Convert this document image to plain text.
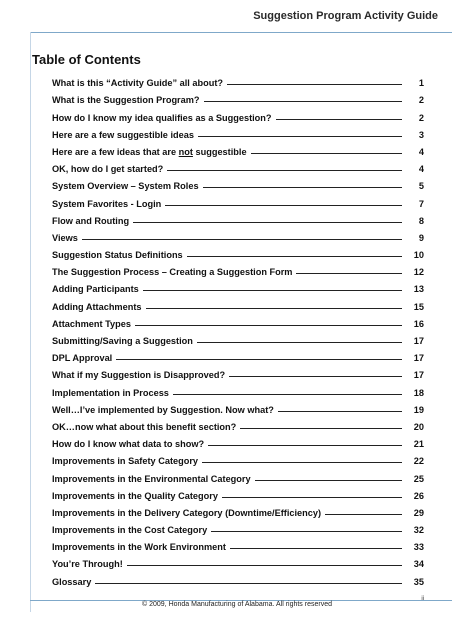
Suggestion Program Activity Guide
Table of Contents
What is this “Activity Guide” all about?	1
What is the Suggestion Program?	2
How do I know my idea qualifies as a Suggestion?	2
Here are a few suggestible ideas	3
Here are a few ideas that are not suggestible	4
OK, how do I get started?	4
System Overview – System Roles	5
System Favorites - Login	7
Flow and Routing	8
Views	9
Suggestion Status Definitions	10
The Suggestion Process – Creating a Suggestion Form	12
Adding Participants	13
Adding Attachments	15
Attachment Types	16
Submitting/Saving a Suggestion	17
DPL Approval	17
What if my Suggestion is Disapproved?	17
Implementation in Process	18
Well…I’ve implemented by Suggestion. Now what?	19
OK…now what about this benefit section?	20
How do I know what data to show?	21
Improvements in Safety Category	22
Improvements in the Environmental Category	25
Improvements in the Quality Category	26
Improvements in the Delivery Category (Downtime/Efficiency)	29
Improvements in the Cost Category	32
Improvements in the Work Environment	33
You’re Through!	34
Glossary	35
© 2009, Honda Manufacturing of Alabama. All rights reserved
ii
